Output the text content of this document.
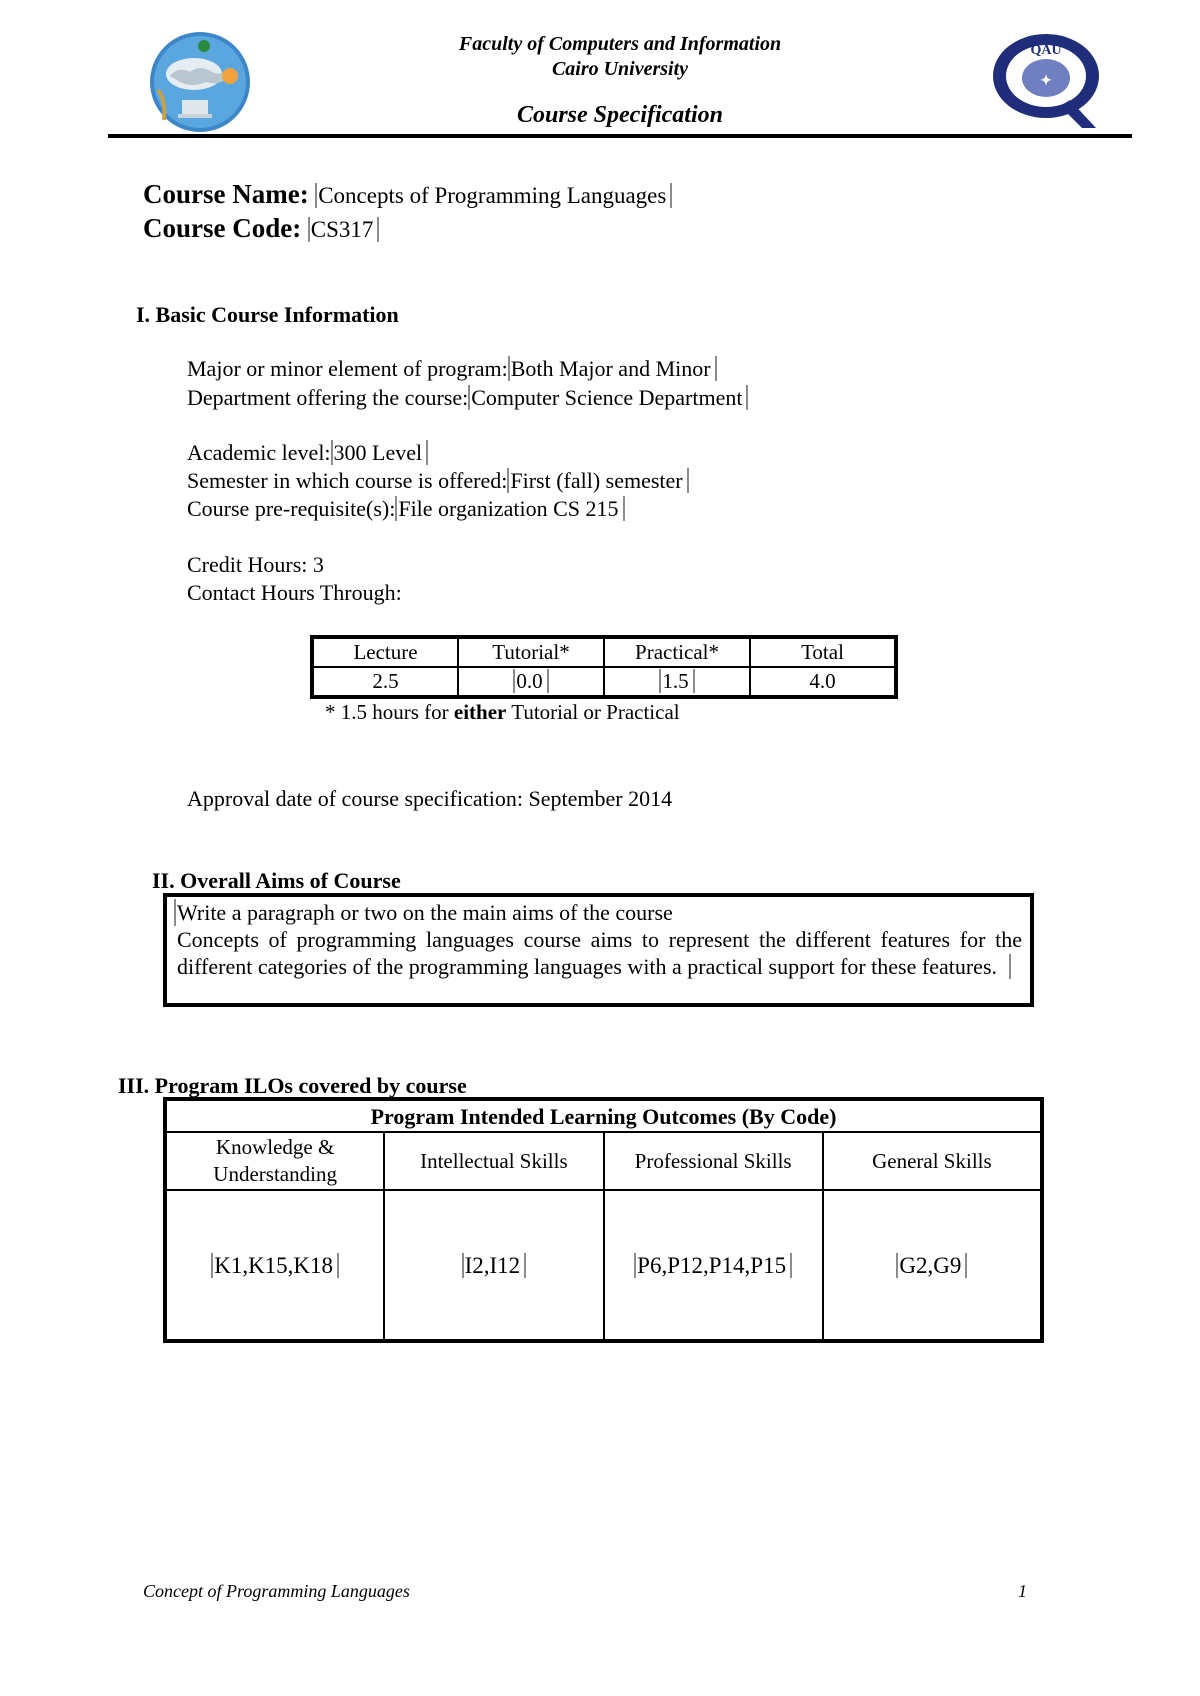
Faculty of Computers and Information
Cairo University
Course Specification
QAU
✦
Course Name: Concepts of Programming Languages
Course Code: CS317
I. Basic Course Information
Major or minor element of program: Both Major and Minor
Department offering the course: Computer Science Department
Academic level: 300 Level
Semester in which course is offered: First (fall) semester
Course pre-requisite(s): File organization CS 215
Credit Hours: 3
Contact Hours Through:
Lecture	Tutorial*	Practical*	Total
2.5	0.0	1.5	4.0
* 1.5 hours for either Tutorial or Practical
Approval date of course specification: September 2014
II. Overall Aims of Course
Write a paragraph or two on the main aims of the course
Concepts of programming languages course aims to represent the different features for the different categories of the programming languages with a practical support for these features.
III. Program ILOs covered by course
Program Intended Learning Outcomes (By Code)			
Knowledge & Understanding	Intellectual Skills	Professional Skills	General Skills
K1,K15,K18	I2,I12	P6,P12,P14,P15	G2,G9
Concept of Programming Languages	1
